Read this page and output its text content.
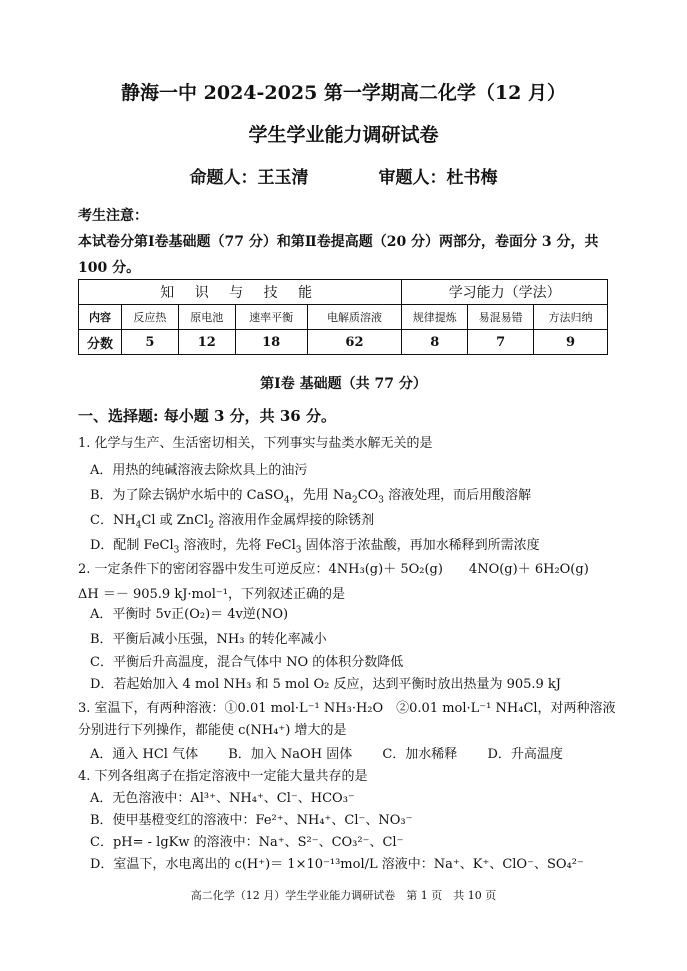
静海一中 2024-2025 第一学期高二化学（12 月）
学生学业能力调研试卷
命题人：王玉清	审题人：杜书梅
考生注意：
本试卷分第Ⅰ卷基础题（77 分）和第Ⅱ卷提高题（20 分）两部分，卷面分 3 分，共 100 分。
知 识 与 技 能					学习能力（学法）		
内容	反应热	原电池	速率平衡	电解质溶液	规律提炼	易混易错	方法归纳
分数	5	12	18	62	8	7	9
第Ⅰ卷 基础题（共 77 分）
一、选择题: 每小题 3 分，共 36 分。
1. 化学与生产、生活密切相关，下列事实与盐类水解无关的是
A．用热的纯碱溶液去除炊具上的油污
B．为了除去锅炉水垢中的 CaSO$_4$，先用 $Na_2CO_3$ 溶液处理，而后用酸溶解
C．$NH_4Cl$ 或 ZnCl$_2$ 溶液用作金属焊接的除锈剂
D．配制 FeCl$_3$ 溶液时，先将 FeCl$_3$ 固体溶于浓盐酸，再加水稀释到所需浓度
2. 一定条件下的密闭容器中发生可逆反应：4NH₃(g)＋ 5O₂(g)　　4NO(g)＋ 6H₂O(g)
ΔH ＝－ 905.9 kJ·mol⁻¹，下列叙述正确的是
A．平衡时 5v正(O₂)＝ 4v逆(NO)
B．平衡后减小压强，NH₃ 的转化率减小
C．平衡后升高温度，混合气体中 NO 的体积分数降低
D．若起始加入 4 mol NH₃ 和 5 mol O₂ 反应，达到平衡时放出热量为 905.9 kJ
3. 室温下，有两种溶液：①0.01 mol·L⁻¹ NH₃·H₂O　②0.01 mol·L⁻¹ NH₄Cl，对两种溶液
分别进行下列操作，都能使 c(NH₄⁺) 增大的是
A．通入 HCl 气体　　 B．加入 NaOH 固体　　 C．加水稀释　　 D．升高温度
4. 下列各组离子在指定溶液中一定能大量共存的是
A．无色溶液中：Al³⁺、NH₄⁺、Cl⁻、HCO₃⁻
B．使甲基橙变红的溶液中：Fe²⁺、NH₄⁺、Cl⁻、NO₃⁻
C．pH= - lgKw 的溶液中：Na⁺、S²⁻、CO₃²⁻、Cl⁻
D．室温下，水电离出的 c(H⁺)＝ 1×10⁻¹³mol/L 溶液中：Na⁺、K⁺、ClO⁻、SO₄²⁻
高二化学（12 月）学生学业能力调研试卷　第 1 页　共 10 页
